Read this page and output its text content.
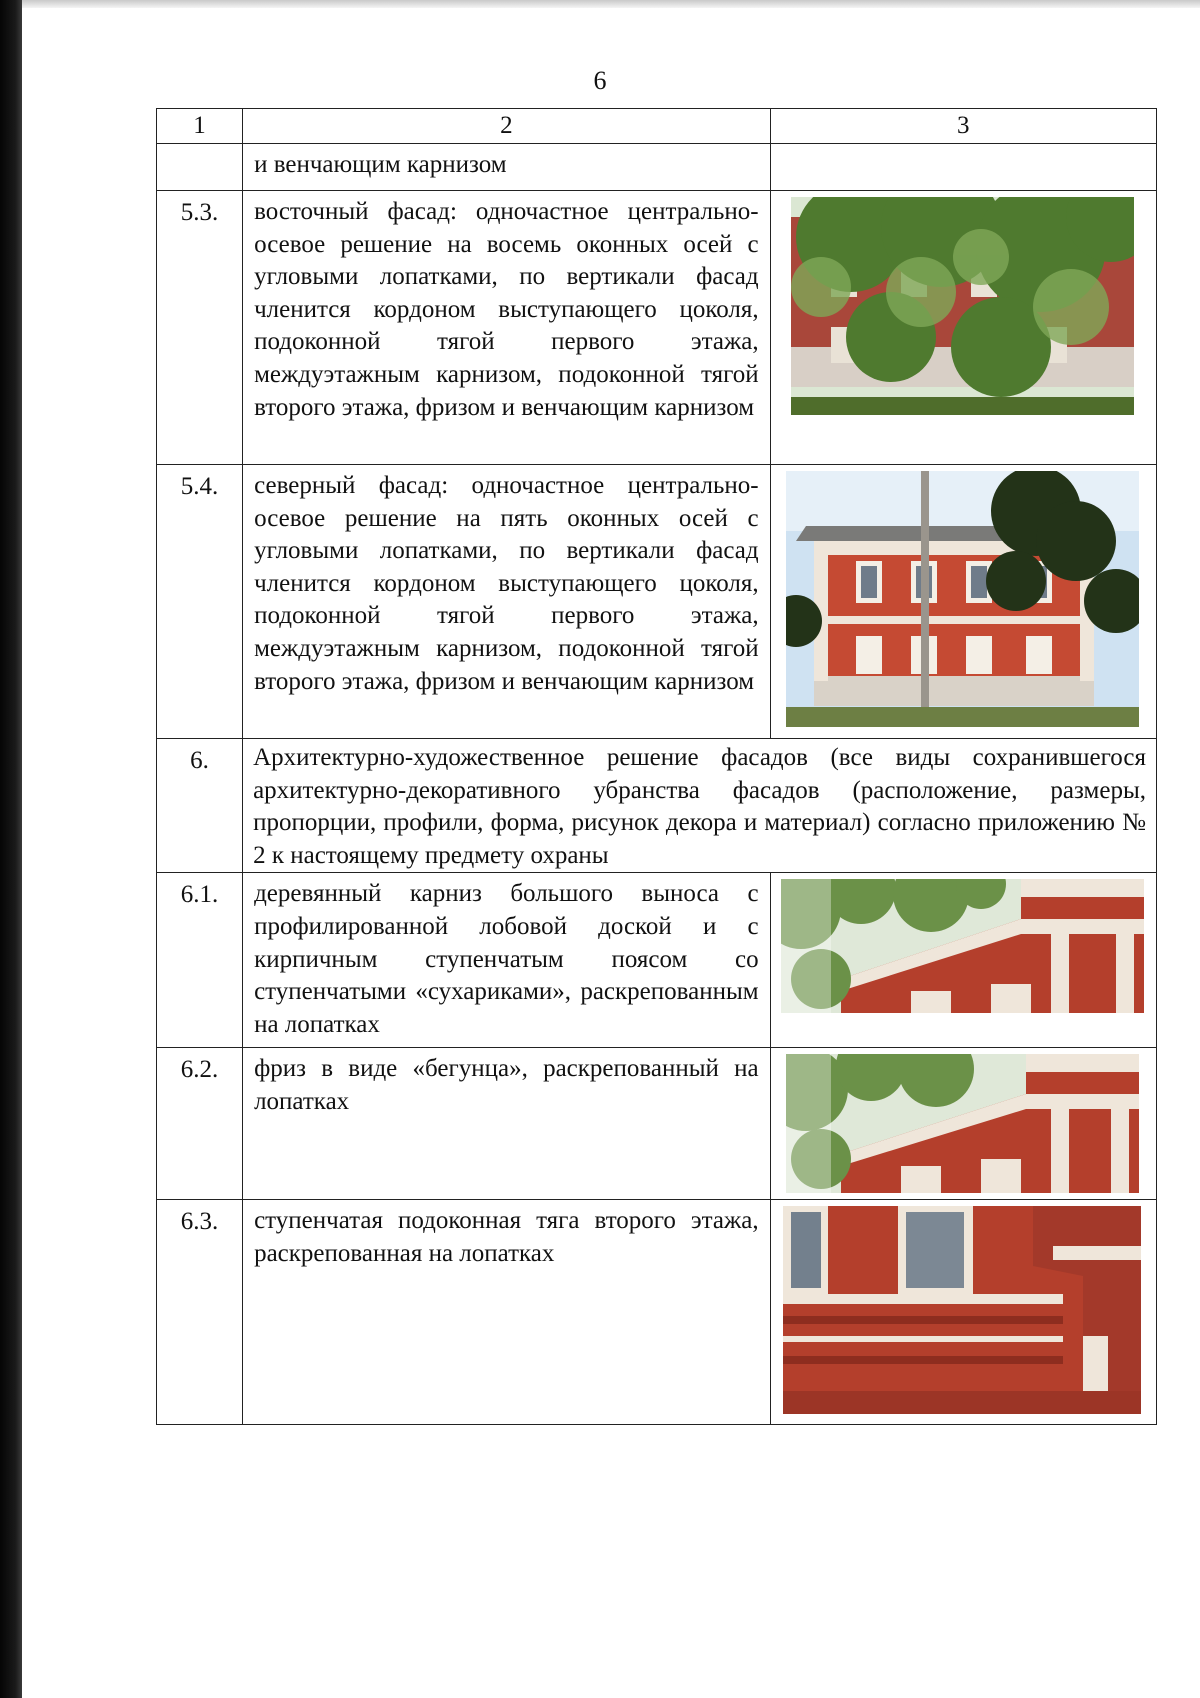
6
1	2	3
	и венчающим карнизом	
5.3.	восточный фасад: одночастное центрально-осевое решение на восемь оконных осей с угловыми лопатками, по вертикали фасад членится кордоном выступающего цоколя, подоконной тягой первого этажа, междуэтажным карнизом, подоконной тягой второго этажа, фризом и венчающим карнизом	

5.4.	северный фасад: одночастное центрально-осевое решение на пять оконных осей с угловыми лопатками, по вертикали фасад членится кордоном выступающего цоколя, подоконной тягой первого этажа, междуэтажным карнизом, подоконной тягой второго этажа, фризом и венчающим карнизом	

6.	Архитектурно-художественное решение фасадов (все виды сохранившегося архитектурно-декоративного убранства фасадов (расположение, размеры, пропорции, профили, форма, рисунок декора и материал) согласно приложению № 2 к настоящему предмету охраны	
6.1.	деревянный карниз большого выноса с профилированной лобовой доской и с кирпичным ступенчатым поясом со ступенчатыми «сухариками», раскрепованным на лопатках	

6.2.	фриз в виде «бегунца», раскрепованный на лопатках	

6.3.	ступенчатая подоконная тяга второго этажа, раскрепованная на лопатках	
